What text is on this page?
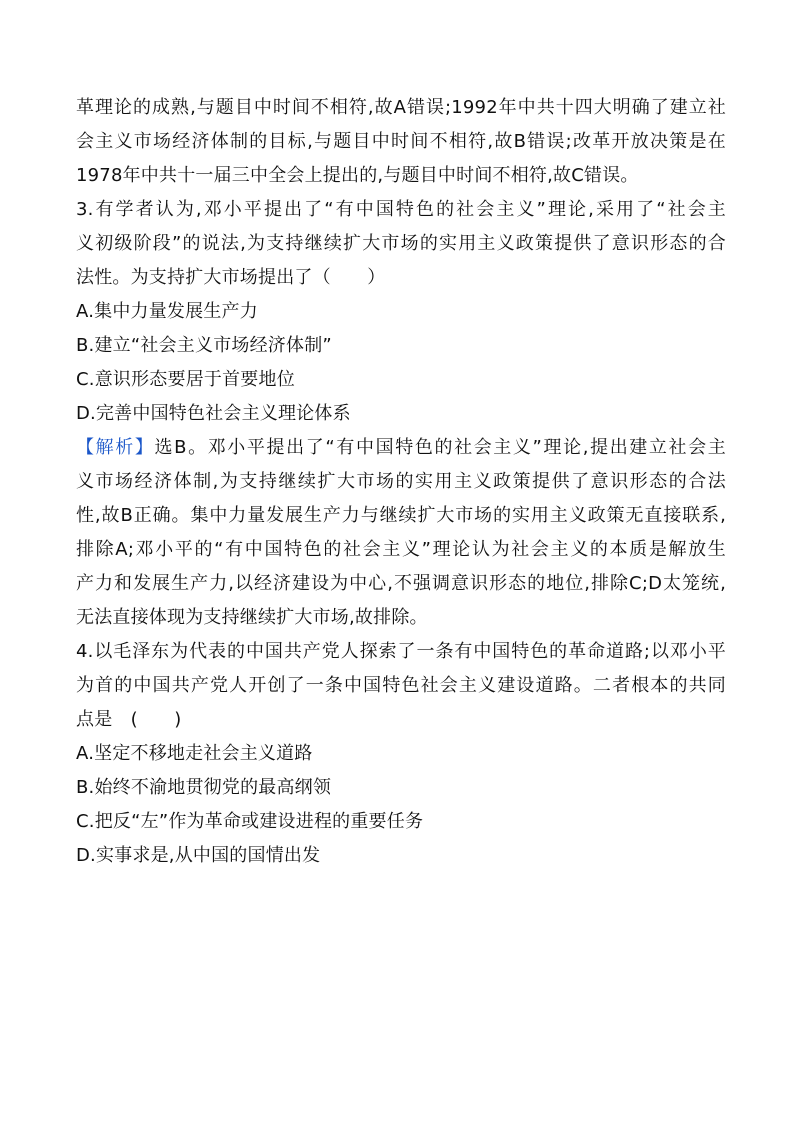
革理论的成熟,与题目中时间不相符,故A错误;1992年中共十四大明确了建立社
会主义市场经济体制的目标,与题目中时间不相符,故B错误;改革开放决策是在
1978年中共十一届三中全会上提出的,与题目中时间不相符,故C错误。
3.有学者认为,邓小平提出了“有中国特色的社会主义”理论,采用了“社会主
义初级阶段”的说法,为支持继续扩大市场的实用主义政策提供了意识形态的合
法性。为支持扩大市场提出了（　　）
A.集中力量发展生产力
B.建立“社会主义市场经济体制”
C.意识形态要居于首要地位
D.完善中国特色社会主义理论体系
【解析】选B。邓小平提出了“有中国特色的社会主义”理论,提出建立社会主
义市场经济体制,为支持继续扩大市场的实用主义政策提供了意识形态的合法
性,故B正确。集中力量发展生产力与继续扩大市场的实用主义政策无直接联系,
排除A;邓小平的“有中国特色的社会主义”理论认为社会主义的本质是解放生
产力和发展生产力,以经济建设为中心,不强调意识形态的地位,排除C;D太笼统,
无法直接体现为支持继续扩大市场,故排除。
4.以毛泽东为代表的中国共产党人探索了一条有中国特色的革命道路;以邓小平
为首的中国共产党人开创了一条中国特色社会主义建设道路。二者根本的共同
点是　(　　)
A.坚定不移地走社会主义道路
B.始终不渝地贯彻党的最高纲领
C.把反“左”作为革命或建设进程的重要任务
D.实事求是,从中国的国情出发
